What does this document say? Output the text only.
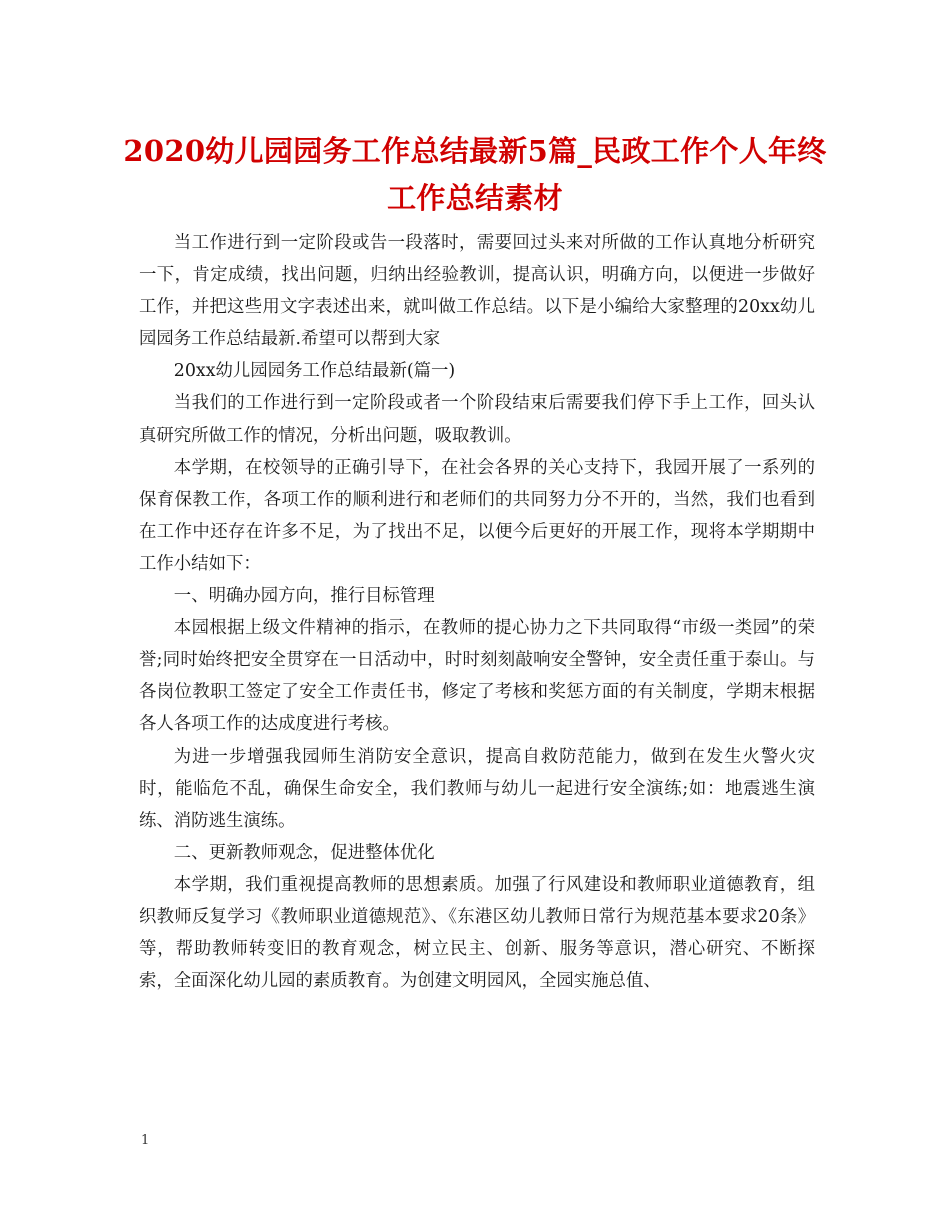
2020幼儿园园务工作总结最新5篇_民政工作个人年终
工作总结素材

当工作进行到一定阶段或告一段落时，需要回过头来对所做的工作认真地分析研究一下，肯定成绩，找出问题，归纳出经验教训，提高认识，明确方向，以便进一步做好工作，并把这些用文字表述出来，就叫做工作总结。以下是小编给大家整理的20xx幼儿园园务工作总结最新.希望可以帮到大家

20xx幼儿园园务工作总结最新(篇一)

当我们的工作进行到一定阶段或者一个阶段结束后需要我们停下手上工作，回头认真研究所做工作的情况，分析出问题，吸取教训。

本学期，在校领导的正确引导下，在社会各界的关心支持下，我园开展了一系列的保育保教工作，各项工作的顺利进行和老师们的共同努力分不开的，当然，我们也看到在工作中还存在许多不足，为了找出不足，以便今后更好的开展工作，现将本学期期中工作小结如下：

一、明确办园方向，推行目标管理

本园根据上级文件精神的指示，在教师的提心协力之下共同取得“市级一类园”的荣誉;同时始终把安全贯穿在一日活动中，时时刻刻敲响安全警钟，安全责任重于泰山。与各岗位教职工签定了安全工作责任书，修定了考核和奖惩方面的有关制度，学期末根据各人各项工作的达成度进行考核。

为进一步增强我园师生消防安全意识，提高自救防范能力，做到在发生火警火灾时，能临危不乱，确保生命安全，我们教师与幼儿一起进行安全演练;如：地震逃生演练、消防逃生演练。

二、更新教师观念，促进整体优化

本学期，我们重视提高教师的思想素质。加强了行风建设和教师职业道德教育，组织教师反复学习《教师职业道德规范》、《东港区幼儿教师日常行为规范基本要求20条》等，帮助教师转变旧的教育观念，树立民主、创新、服务等意识，潜心研究、不断探索，全面深化幼儿园的素质教育。为创建文明园风，全园实施总值、

1
